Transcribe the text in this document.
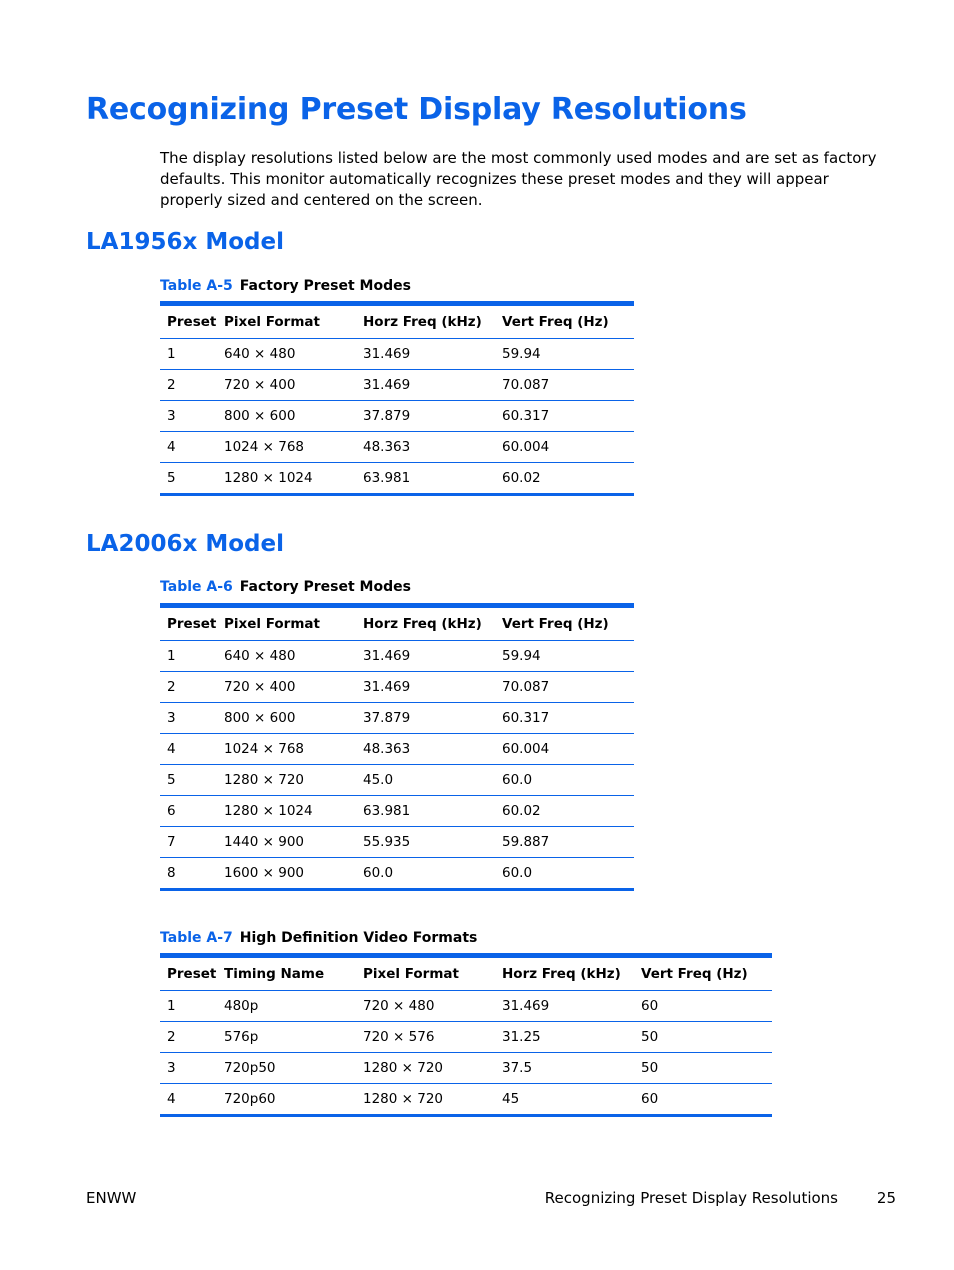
Recognizing Preset Display Resolutions

The display resolutions listed below are the most commonly used modes and are set as factory defaults. This monitor automatically recognizes these preset modes and they will appear properly sized and centered on the screen.

LA1956x Model
Table A-5 Factory Preset Modes
Preset	Pixel Format	Horz Freq (kHz)	Vert Freq (Hz)
1	640 × 480	31.469	59.94
2	720 × 400	31.469	70.087
3	800 × 600	37.879	60.317
4	1024 × 768	48.363	60.004
5	1280 × 1024	63.981	60.02
LA2006x Model
Table A-6 Factory Preset Modes
Preset	Pixel Format	Horz Freq (kHz)	Vert Freq (Hz)
1	640 × 480	31.469	59.94
2	720 × 400	31.469	70.087
3	800 × 600	37.879	60.317
4	1024 × 768	48.363	60.004
5	1280 × 720	45.0	60.0
6	1280 × 1024	63.981	60.02
7	1440 × 900	55.935	59.887
8	1600 × 900	60.0	60.0
Table A-7 High Definition Video Formats
Preset	Timing Name	Pixel Format	Horz Freq (kHz)	Vert Freq (Hz)
1	480p	720 × 480	31.469	60
2	576p	720 × 576	31.25	50
3	720p50	1280 × 720	37.5	50
4	720p60	1280 × 720	45	60
ENWW	Recognizing Preset Display Resolutions	25
